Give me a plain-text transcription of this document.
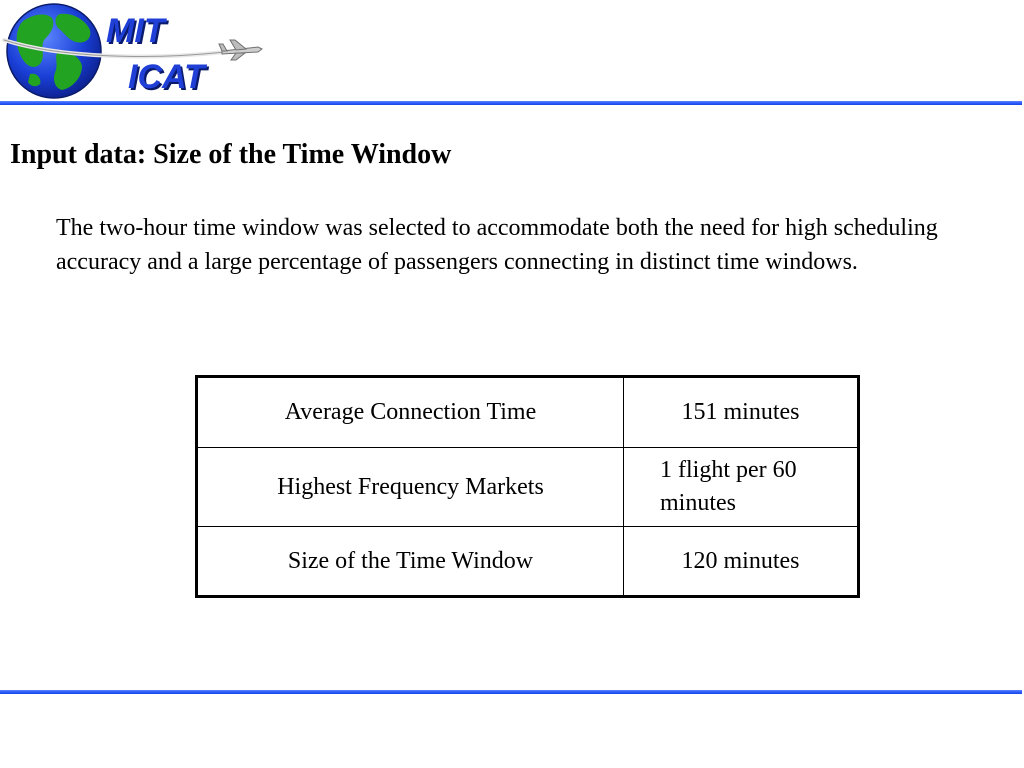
MIT
ICAT
Input data: Size of the Time Window

The two-hour time window was selected to accommodate both the need for high scheduling accuracy and a large percentage of passengers connecting in distinct time windows.

Average Connection Time	151 minutes
Highest Frequency Markets	1 flight per 60 minutes

Size of the Time Window	120 minutes
